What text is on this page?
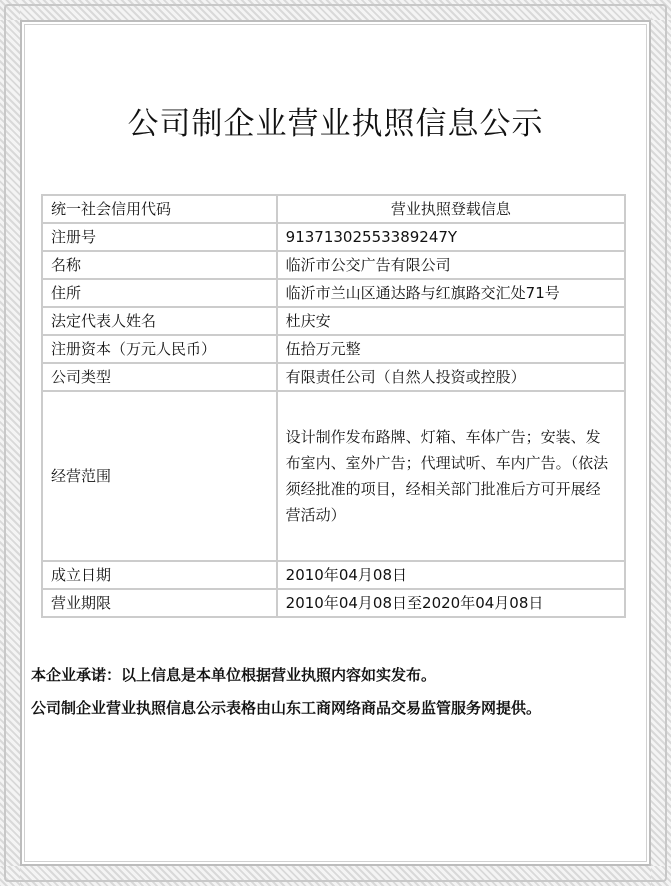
公司制企业营业执照信息公示
统一社会信用代码	营业执照登载信息
注册号	91371302553389247Y
名称	临沂市公交广告有限公司
住所	临沂市兰山区通达路与红旗路交汇处71号
法定代表人姓名	杜庆安
注册资本（万元人民币）	伍拾万元整
公司类型	有限责任公司（自然人投资或控股）
经营范围	设计制作发布路牌、灯箱、车体广告；安装、发布室内、室外广告；代理试听、车内广告。（依法须经批准的项目，经相关部门批准后方可开展经营活动）
成立日期	2010年04月08日
营业期限	2010年04月08日至2020年04月08日

本企业承诺：以上信息是本单位根据营业执照内容如实发布。

公司制企业营业执照信息公示表格由山东工商网络商品交易监管服务网提供。
